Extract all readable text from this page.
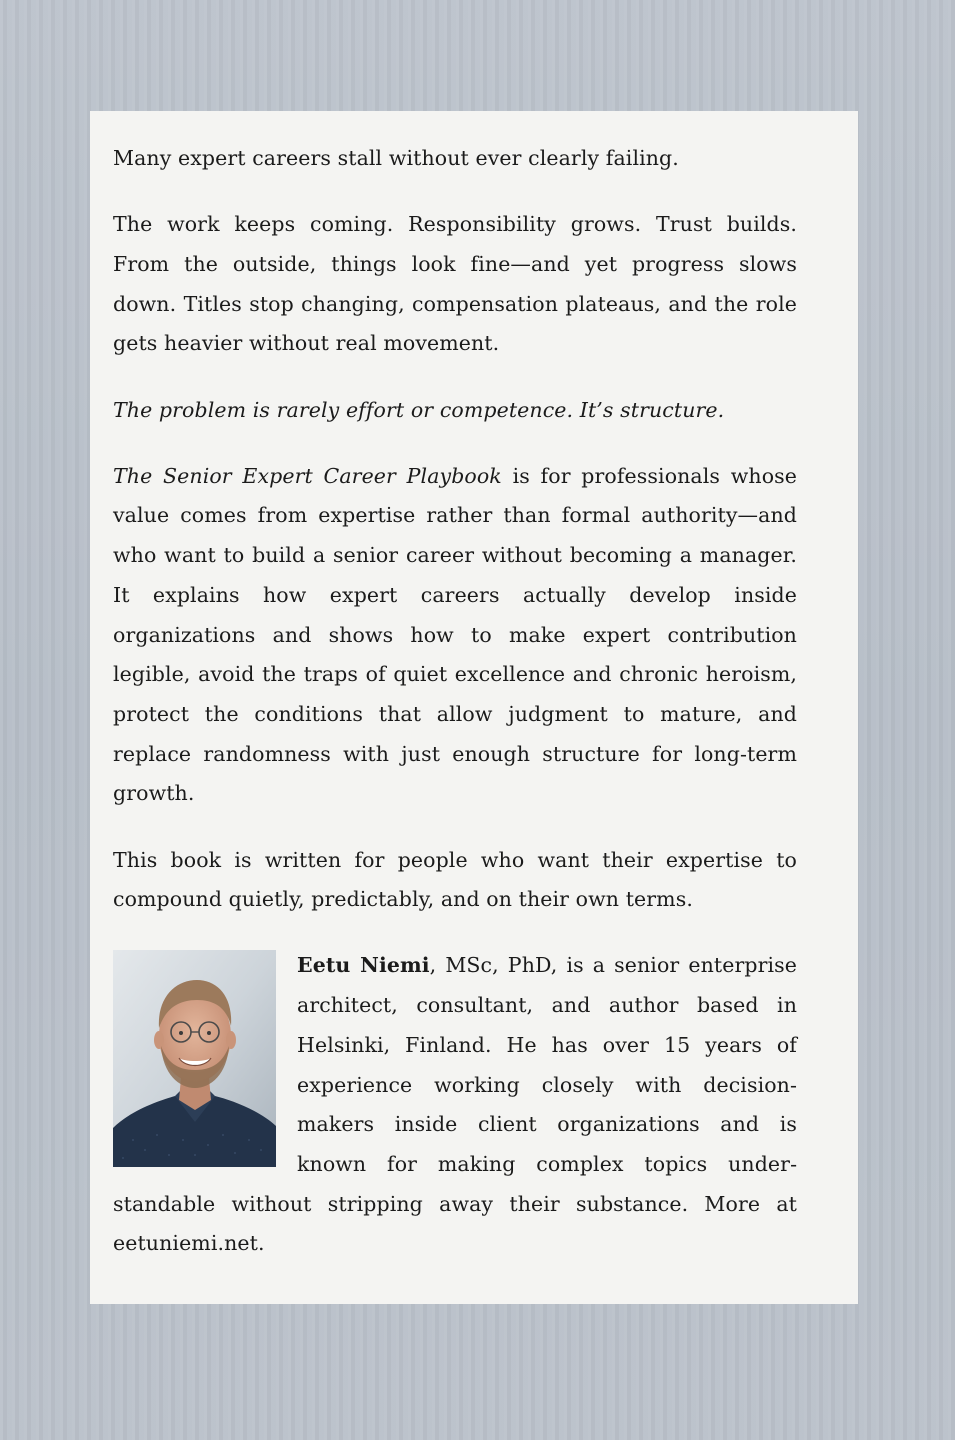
Many expert careers stall without ever clearly failing.

The work keeps coming. Responsibility grows. Trust builds. From the outside, things look fine—and yet progress slows down. Titles stop changing, compensation plateaus, and the role gets heavier without real movement.

The problem is rarely effort or competence. It’s structure.

The Senior Expert Career Playbook is for professionals whose value comes from expertise rather than formal authority—and who want to build a senior career without becoming a manager. It explains how expert careers actually develop inside organizations and shows how to make expert contribution legible, avoid the traps of quiet excellence and chronic heroism, protect the conditions that allow judgment to mature, and replace randomness with just enough structure for long-term growth.

This book is written for people who want their expertise to compound quietly, predictably, and on their own terms.

Eetu Niemi, MSc, PhD, is a senior enterprise architect, consultant, and author based in Helsinki, Finland. He has over 15 years of experience working closely with decision-makers inside client organizations and is known for making complex topics understandable without stripping away their substance. More at eetuniemi.net.
